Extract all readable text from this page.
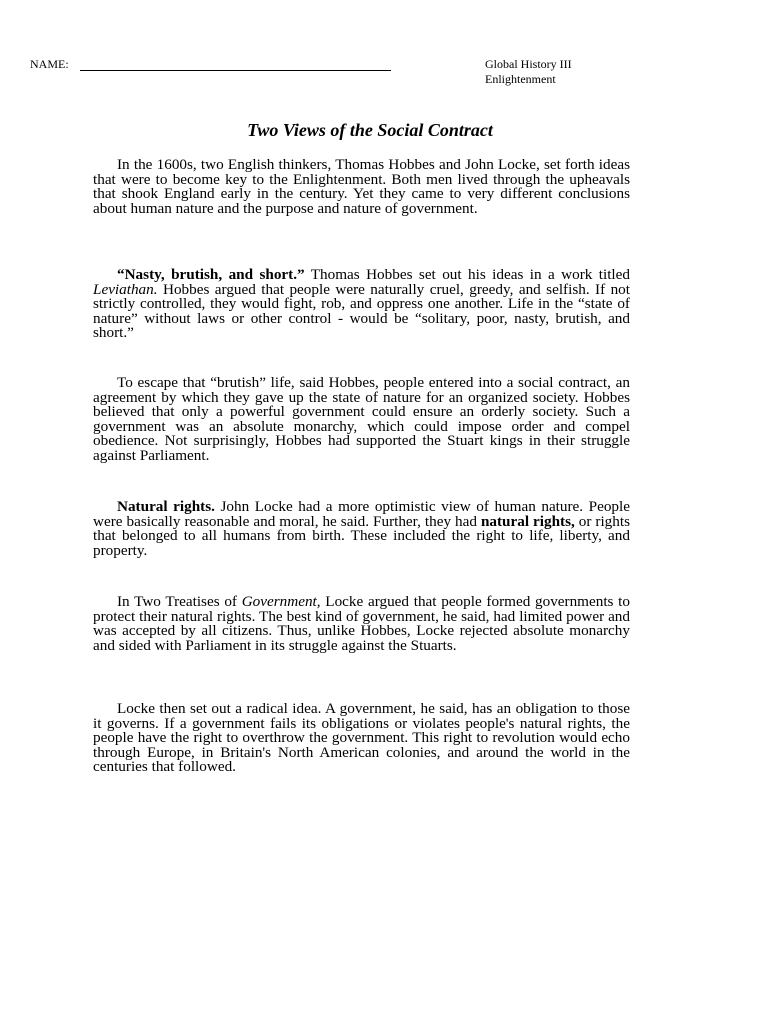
NAME:	Global History III
Enlightenment
Two Views of the Social Contract

In the 1600s, two English thinkers, Thomas Hobbes and John Locke, set forth ideas that were to become key to the Enlightenment. Both men lived through the upheavals that shook England early in the century. Yet they came to very different conclusions about human nature and the purpose and nature of government.

“Nasty, brutish, and short.” Thomas Hobbes set out his ideas in a work titled Leviathan. Hobbes argued that people were naturally cruel, greedy, and selfish. If not strictly controlled, they would fight, rob, and oppress one another. Life in the “state of nature” without laws or other control - would be “solitary, poor, nasty, brutish, and short.”

To escape that “brutish” life, said Hobbes, people entered into a social contract, an agreement by which they gave up the state of nature for an organized society. Hobbes believed that only a powerful government could ensure an orderly society. Such a government was an absolute monarchy, which could impose order and compel obedience. Not surprisingly, Hobbes had supported the Stuart kings in their struggle against Parliament.

Natural rights. John Locke had a more optimistic view of human nature. People were basically reasonable and moral, he said. Further, they had natural rights, or rights that belonged to all humans from birth. These included the right to life, liberty, and property.

In Two Treatises of Government, Locke argued that people formed governments to protect their natural rights. The best kind of government, he said, had limited power and was accepted by all citizens. Thus, unlike Hobbes, Locke rejected absolute monarchy and sided with Parliament in its struggle against the Stuarts.

Locke then set out a radical idea. A government, he said, has an obligation to those it governs. If a government fails its obligations or violates people's natural rights, the people have the right to overthrow the government. This right to revolution would echo through Europe, in Britain's North American colonies, and around the world in the centuries that followed.
